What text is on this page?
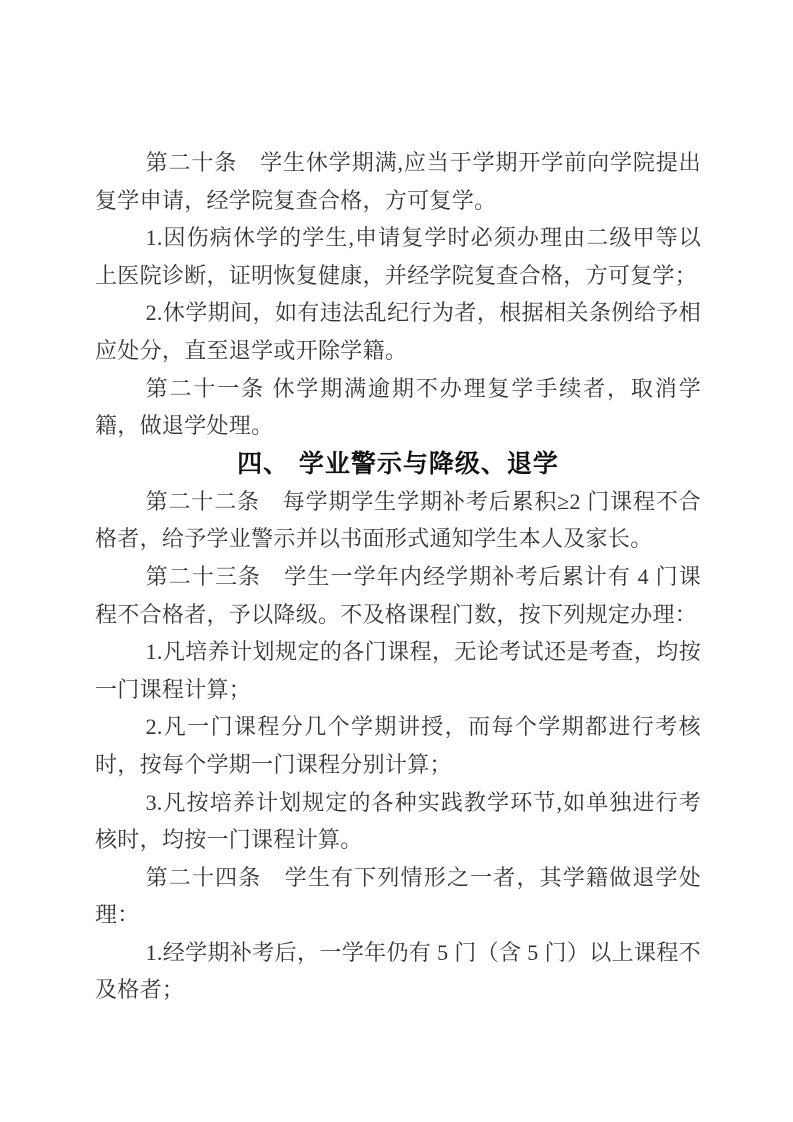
第二十条　学生休学期满,应当于学期开学前向学院提出复学申请，经学院复查合格，方可复学。

1.因伤病休学的学生,申请复学时必须办理由二级甲等以上医院诊断，证明恢复健康，并经学院复查合格，方可复学；

2.休学期间，如有违法乱纪行为者，根据相关条例给予相应处分，直至退学或开除学籍。

第二十一条 休学期满逾期不办理复学手续者，取消学籍，做退学处理。

四、 学业警示与降级、退学

第二十二条　每学期学生学期补考后累积≥2 门课程不合格者，给予学业警示并以书面形式通知学生本人及家长。

第二十三条　学生一学年内经学期补考后累计有 4 门课程不合格者，予以降级。不及格课程门数，按下列规定办理：

1.凡培养计划规定的各门课程，无论考试还是考查，均按一门课程计算；

2.凡一门课程分几个学期讲授，而每个学期都进行考核时，按每个学期一门课程分别计算；

3.凡按培养计划规定的各种实践教学环节,如单独进行考核时，均按一门课程计算。

第二十四条　学生有下列情形之一者，其学籍做退学处理：

1.经学期补考后，一学年仍有 5 门（含 5 门）以上课程不及格者；
